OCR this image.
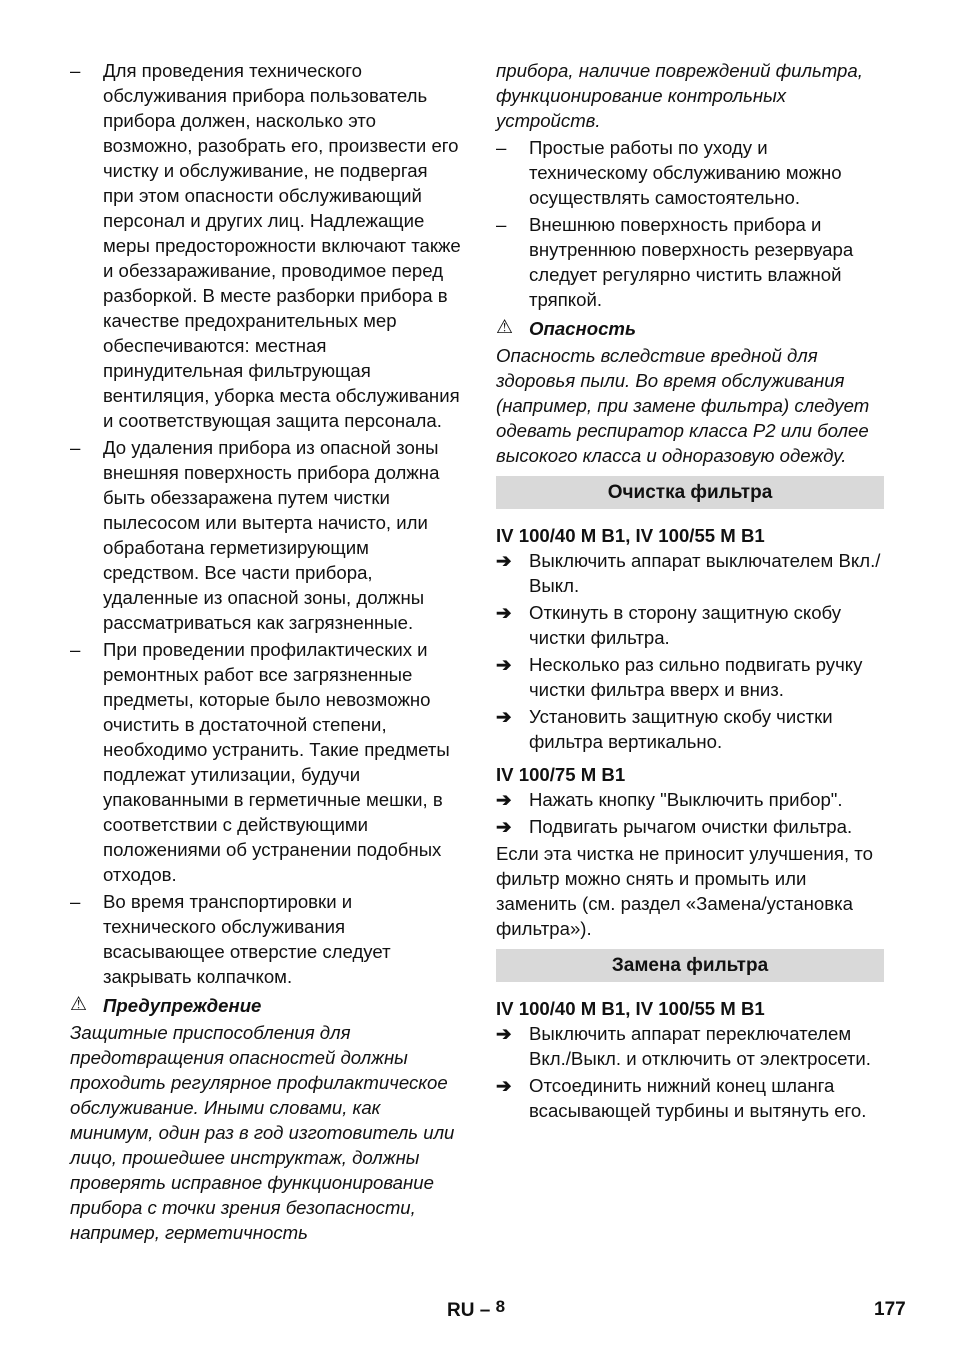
–	Для проведения технического обслуживания прибора пользователь прибора должен, насколько это возможно, разобрать его, произвести его чистку и обслуживание, не подвергая при этом опасности обслуживающий персонал и других лиц. Надлежащие меры предосторожности включают также и обеззараживание, проводимое перед разборкой. В месте разборки прибора в качестве предохранительных мер обеспечиваются: местная принудительная фильтрующая вентиляция, уборка места обслуживания и соответствующая защита персонала.
–	До удаления прибора из опасной зоны внешняя поверхность прибора должна быть обеззаражена путем чистки пылесосом или вытерта начисто, или обработана герметизирующим средством. Все части прибора, удаленные из опасной зоны, должны рассматриваться как загрязненные.
–	При проведении профилактических и ремонтных работ все загрязненные предметы, которые было невозможно очистить в достаточной степени, необходимо устранить. Такие предметы подлежат утилизации, будучи упакованными в герметичные мешки, в соответствии с действующими положениями об устранении подобных отходов.
–	Во время транспортировки и технического обслуживания всасывающее отверстие следует закрывать колпачком.
⚠ Предупреждение

Защитные приспособления для предотвращения опасностей должны проходить регулярное профилактическое обслуживание. Иными словами, как минимум, один раз в год изготовитель или лицо, прошедшее инструктаж, должны проверять исправное функционирование прибора с точки зрения безопасности, например, герметичность

прибора, наличие повреждений фильтра, функционирование контрольных устройств.

–	Простые работы по уходу и техническому обслуживанию можно осуществлять самостоятельно.
–	Внешнюю поверхность прибора и внутреннюю поверхность резервуара следует регулярно чистить влажной тряпкой.
⚠ Опасность

Опасность вследствие вредной для здоровья пыли. Во время обслуживания (например, при замене фильтра) следует одевать респиратор класса P2 или более высокого класса и одноразовую одежду.

Очистка фильтра
IV 100/40 M B1, IV 100/55 M B1
➔ Выключить аппарат выключателем Вкл./Выкл.
➔ Откинуть в сторону защитную скобу чистки фильтра.
➔ Несколько раз сильно подвигать ручку чистки фильтра вверх и вниз.
➔ Установить защитную скобу чистки фильтра вертикально.
IV 100/75 M B1
➔ Нажать кнопку "Выключить прибор".
➔ Подвигать рычагом очистки фильтра.

Если эта чистка не приносит улучшения, то фильтр можно снять и промыть или заменить (см. раздел «Замена/установка фильтра»).

Замена фильтра
IV 100/40 M B1, IV 100/55 M B1
➔ Выключить аппарат переключателем Вкл./Выкл. и отключить от электросети.
➔ Отсоединить нижний конец шланга всасывающей турбины и вытянуть его.
RU – $^8$	177
